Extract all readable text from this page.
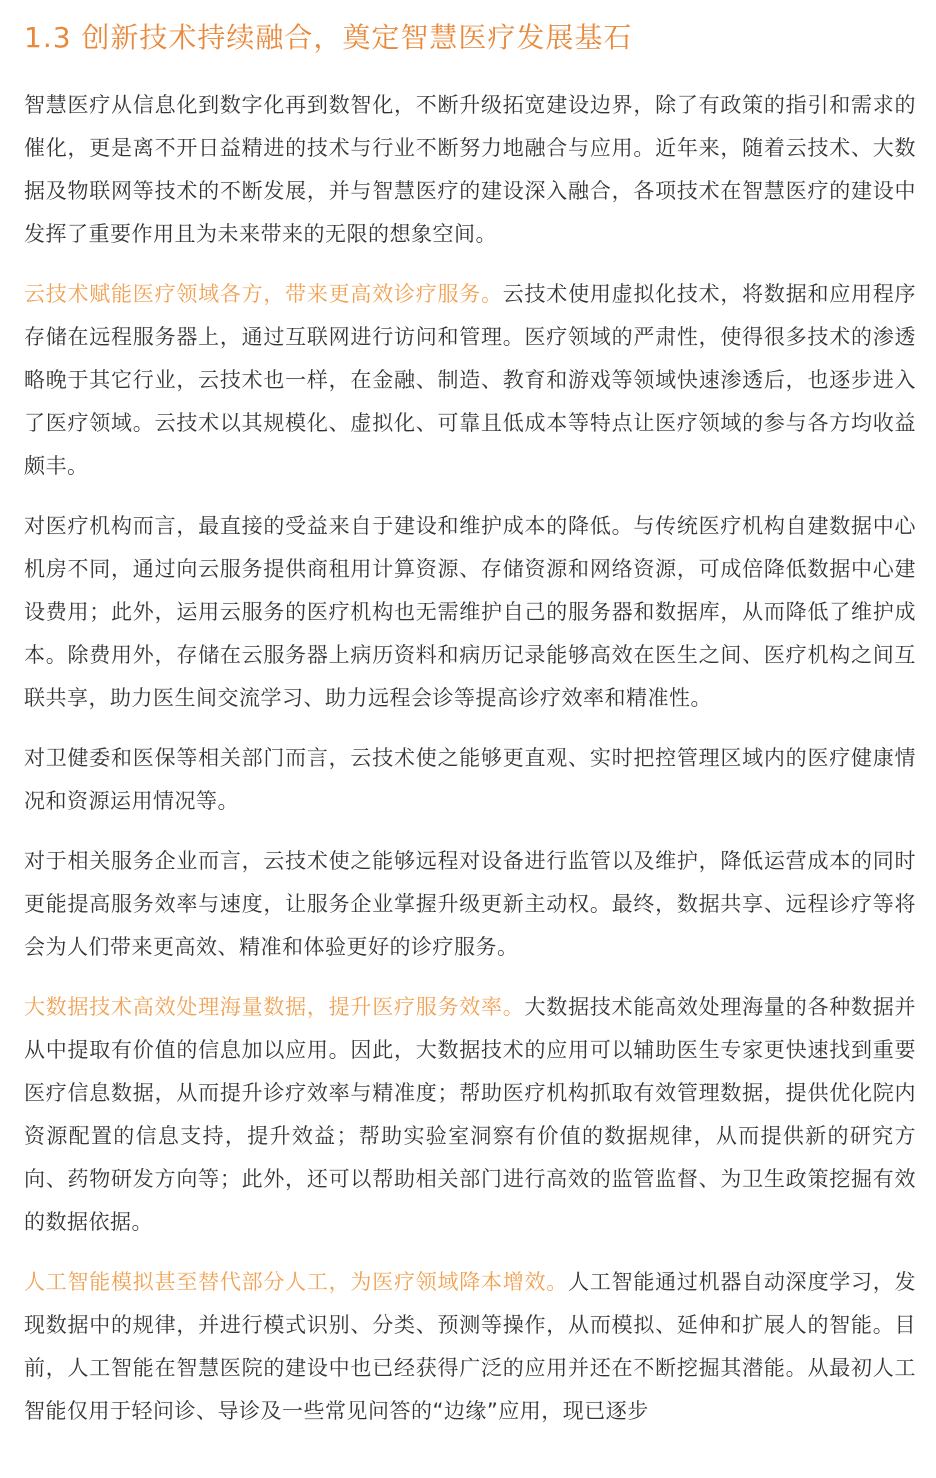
1.3 创新技术持续融合，奠定智慧医疗发展基石

智慧医疗从信息化到数字化再到数智化，不断升级拓宽建设边界，除了有政策的指引和需求的催化，更是离不开日益精进的技术与行业不断努力地融合与应用。近年来，随着云技术、大数据及物联网等技术的不断发展，并与智慧医疗的建设深入融合，各项技术在智慧医疗的建设中发挥了重要作用且为未来带来的无限的想象空间。

云技术赋能医疗领域各方，带来更高效诊疗服务。云技术使用虚拟化技术，将数据和应用程序存储在远程服务器上，通过互联网进行访问和管理。医疗领域的严肃性，使得很多技术的渗透略晚于其它行业，云技术也一样，在金融、制造、教育和游戏等领域快速渗透后，也逐步进入了医疗领域。云技术以其规模化、虚拟化、可靠且低成本等特点让医疗领域的参与各方均收益颇丰。

对医疗机构而言，最直接的受益来自于建设和维护成本的降低。与传统医疗机构自建数据中心机房不同，通过向云服务提供商租用计算资源、存储资源和网络资源，可成倍降低数据中心建设费用；此外，运用云服务的医疗机构也无需维护自己的服务器和数据库，从而降低了维护成本。除费用外，存储在云服务器上病历资料和病历记录能够高效在医生之间、医疗机构之间互联共享，助力医生间交流学习、助力远程会诊等提高诊疗效率和精准性。

对卫健委和医保等相关部门而言，云技术使之能够更直观、实时把控管理区域内的医疗健康情况和资源运用情况等。

对于相关服务企业而言，云技术使之能够远程对设备进行监管以及维护，降低运营成本的同时更能提高服务效率与速度，让服务企业掌握升级更新主动权。最终，数据共享、远程诊疗等将会为人们带来更高效、精准和体验更好的诊疗服务。

大数据技术高效处理海量数据，提升医疗服务效率。大数据技术能高效处理海量的各种数据并从中提取有价值的信息加以应用。因此，大数据技术的应用可以辅助医生专家更快速找到重要医疗信息数据，从而提升诊疗效率与精准度；帮助医疗机构抓取有效管理数据，提供优化院内资源配置的信息支持，提升效益；帮助实验室洞察有价值的数据规律，从而提供新的研究方向、药物研发方向等；此外，还可以帮助相关部门进行高效的监管监督、为卫生政策挖掘有效的数据依据。

人工智能模拟甚至替代部分人工，为医疗领域降本增效。人工智能通过机器自动深度学习，发现数据中的规律，并进行模式识别、分类、预测等操作，从而模拟、延伸和扩展人的智能。目前，人工智能在智慧医院的建设中也已经获得广泛的应用并还在不断挖掘其潜能。从最初人工智能仅用于轻问诊、导诊及一些常见问答的“边缘”应用，现已逐步
